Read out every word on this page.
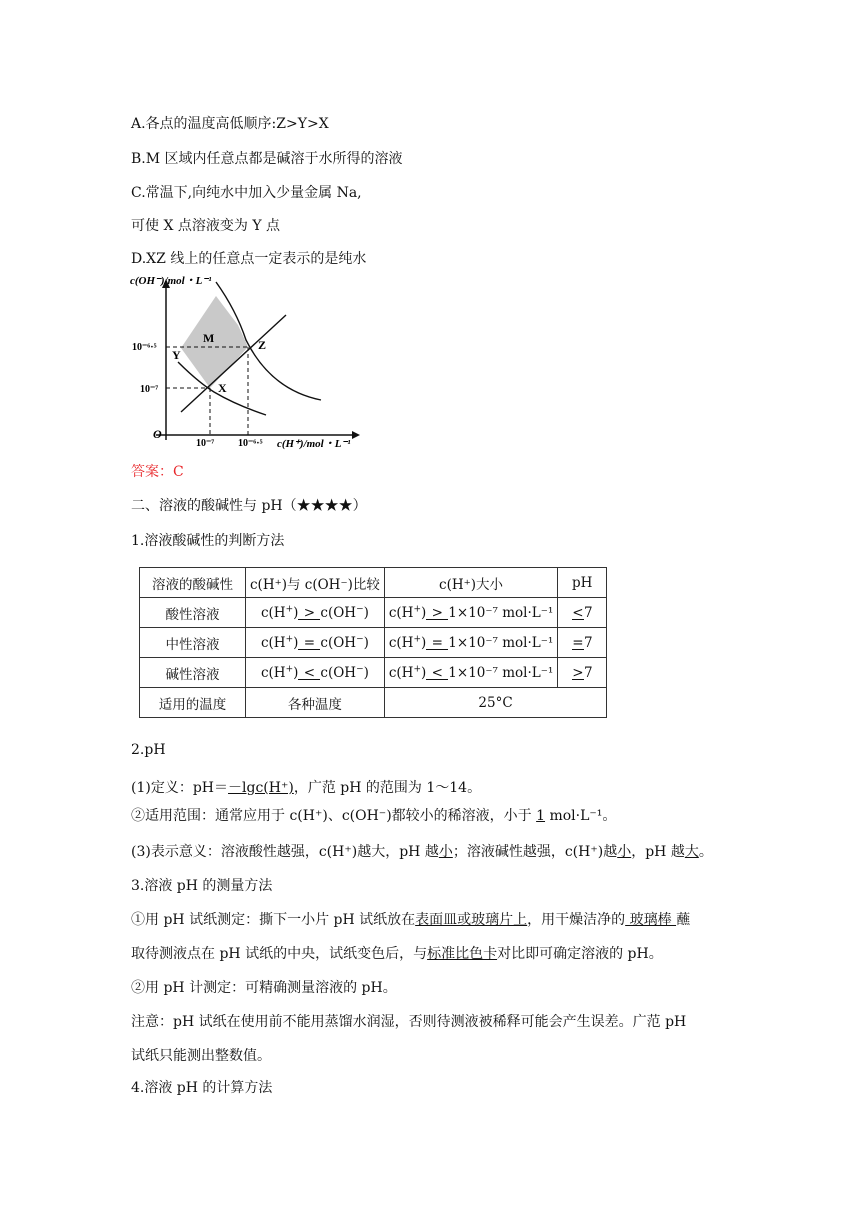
A.各点的温度高低顺序:Z>Y>X
B.M 区域内任意点都是碱溶于水所得的溶液
C.常温下,向纯水中加入少量金属 Na,
可使 X 点溶液变为 Y 点
D.XZ 线上的任意点一定表示的是纯水
c(OH⁻)/mol・L⁻¹
c(H⁺)/mol・L⁻¹
O
10⁻⁶·⁵
10⁻⁷
10⁻⁷ 10⁻⁶·⁵
M
Y
Z
X
答案：C
二、溶液的酸碱性与 pH（★★★★）
1.溶液酸碱性的判断方法
溶液的酸碱性	c(H⁺)与 c(OH⁻)比较	c(H⁺)大小	pH
酸性溶液	c(H+) > c(OH−)	c(H+) > 1×10⁻⁷ mol·L⁻¹	<7
中性溶液	c(H+) = c(OH−)	c(H+) = 1×10⁻⁷ mol·L⁻¹	=7
碱性溶液	c(H+) < c(OH−)	c(H+) < 1×10⁻⁷ mol·L⁻¹	>7
适用的温度	各种温度	25°C	
2.pH
(1)定义：pH＝－lgc(H⁺)，广范 pH 的范围为 1～14。
②适用范围：通常应用于 c(H⁺)、c(OH⁻)都较小的稀溶液，小于 1 mol·L⁻¹。
(3)表示意义：溶液酸性越强，c(H⁺)越大，pH 越小；溶液碱性越强，c(H⁺)越小，pH 越大。
3.溶液 pH 的测量方法
①用 pH 试纸测定：撕下一小片 pH 试纸放在表面皿或玻璃片上，用干燥洁净的 玻璃棒 蘸
取待测液点在 pH 试纸的中央，试纸变色后，与标准比色卡对比即可确定溶液的 pH。
②用 pH 计测定：可精确测量溶液的 pH。
注意：pH 试纸在使用前不能用蒸馏水润湿，否则待测液被稀释可能会产生误差。广范 pH
试纸只能测出整数值。
4.溶液 pH 的计算方法
